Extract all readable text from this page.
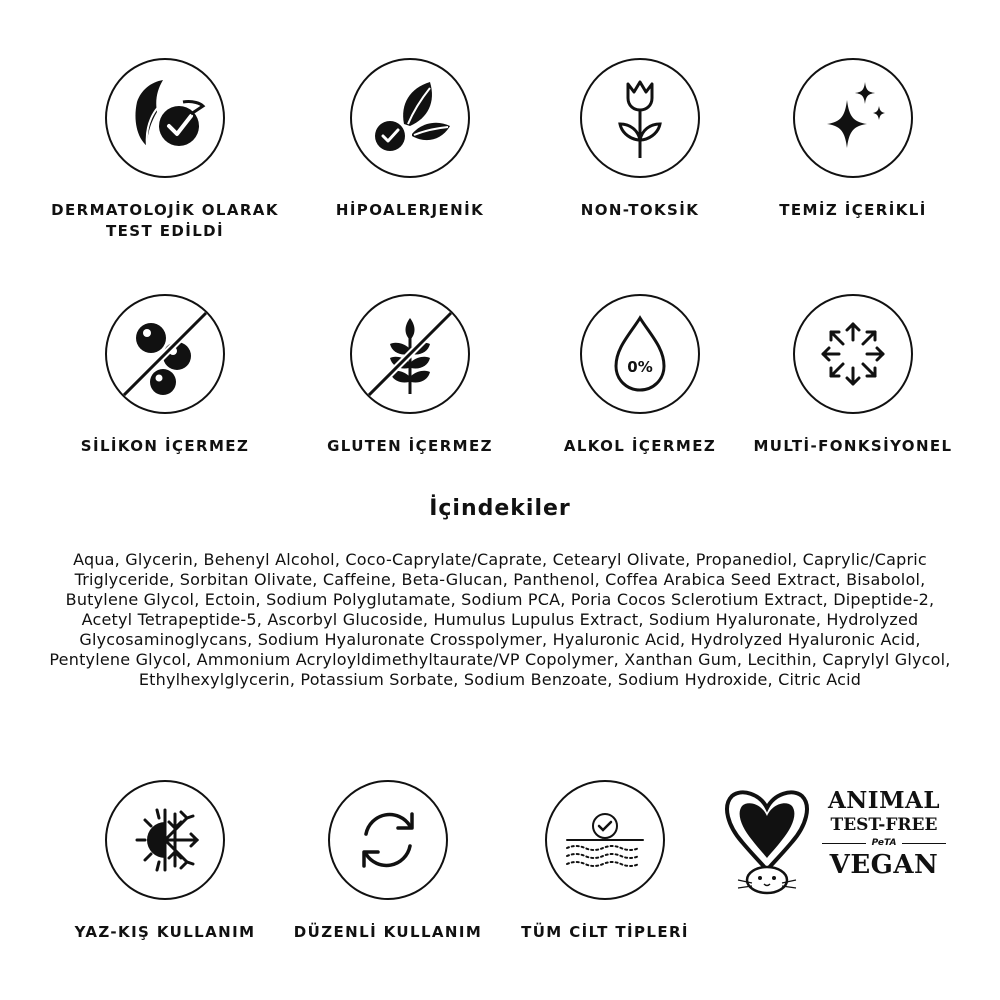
DERMATOLOJİK OLARAK
TEST EDİLDİ
HİPOALERJENİK	NON-TOKSİK	TEMİZ İÇERİKLİ
SİLİKON İÇERMEZ	GLUTEN İÇERMEZ
0%
ALKOL İÇERMEZ	MULTİ-FONKSİYONEL
İçindekiler
Aqua, Glycerin, Behenyl Alcohol, Coco-Caprylate/Caprate, Cetearyl Olivate, Propanediol, Caprylic/Capric Triglyceride, Sorbitan Olivate, Caffeine, Beta-Glucan, Panthenol, Coffea Arabica Seed Extract, Bisabolol, Butylene Glycol, Ectoin, Sodium Polyglutamate, Sodium PCA, Poria Cocos Sclerotium Extract, Dipeptide-2, Acetyl Tetrapeptide-5, Ascorbyl Glucoside, Humulus Lupulus Extract, Sodium Hyaluronate, Hydrolyzed Glycosaminoglycans, Sodium Hyaluronate Crosspolymer, Hyaluronic Acid, Hydrolyzed Hyaluronic Acid, Pentylene Glycol, Ammonium Acryloyldimethyltaurate/VP Copolymer, Xanthan Gum, Lecithin, Caprylyl Glycol, Ethylhexylglycerin, Potassium Sorbate, Sodium Benzoate, Sodium Hydroxide, Citric Acid
YAZ-KIŞ KULLANIM	DÜZENLİ KULLANIM	TÜM CİLT TİPLERİ
ANIMAL
TEST-FREE
PeTA
VEGAN
